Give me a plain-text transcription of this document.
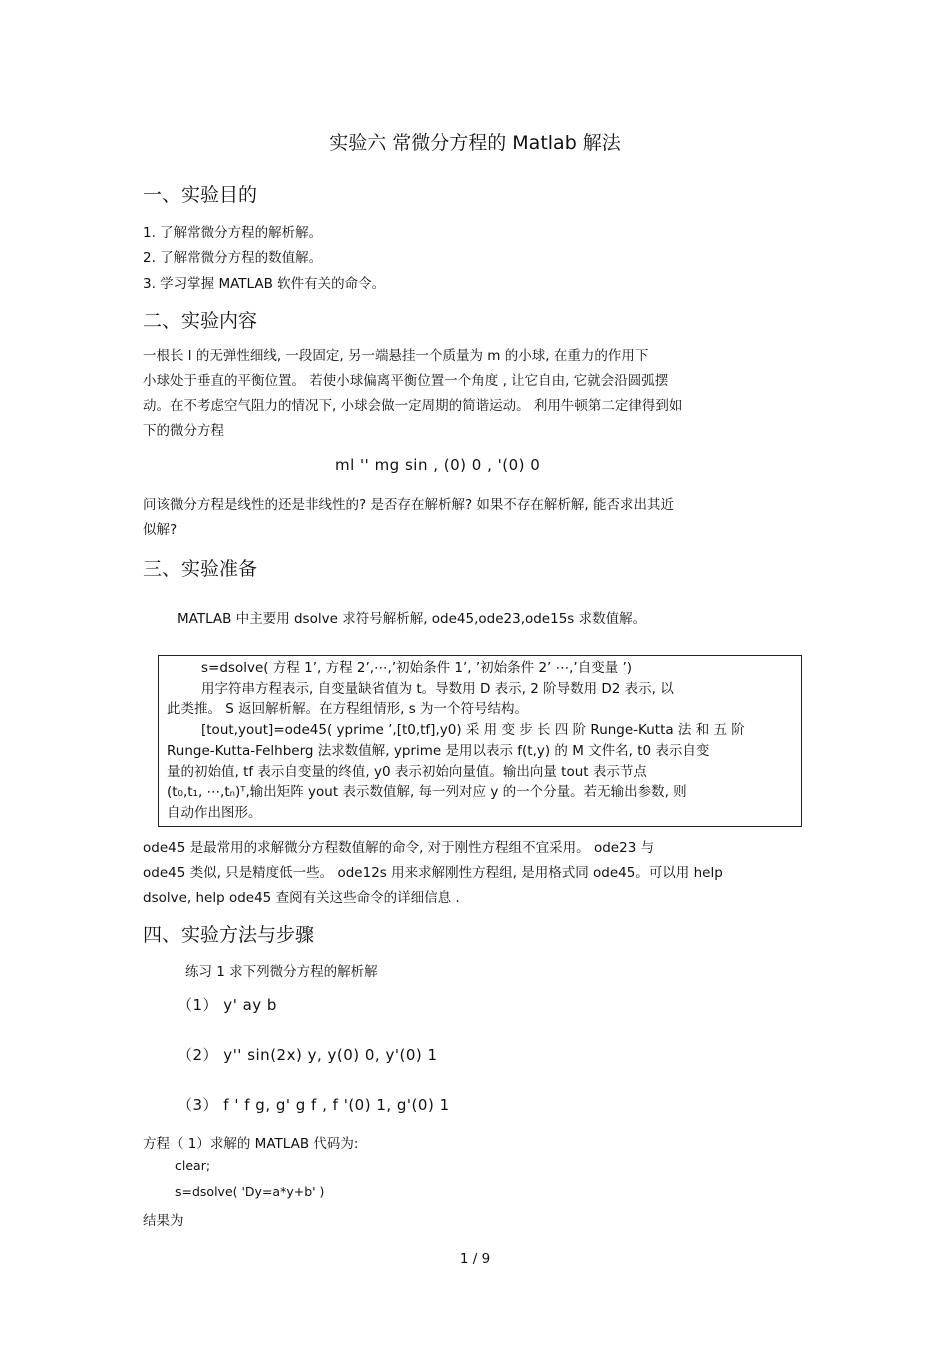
实验六 常微分方程的 Matlab 解法
一、实验目的
1. 了解常微分方程的解析解。
2. 了解常微分方程的数值解。
3. 学习掌握 MATLAB 软件有关的命令。
二、实验内容
一根长 l 的无弹性细线, 一段固定, 另一端悬挂一个质量为 m 的小球, 在重力的作用下
小球处于垂直的平衡位置。 若使小球偏离平衡位置一个角度 , 让它自由, 它就会沿圆弧摆
动。在不考虑空气阻力的情况下, 小球会做一定周期的简谐运动。 利用牛顿第二定律得到如
下的微分方程
ml '' mg sin , (0) 0 , '(0) 0
问该微分方程是线性的还是非线性的? 是否存在解析解? 如果不存在解析解, 能否求出其近
似解?
三、实验准备
MATLAB 中主要用 dsolve 求符号解析解, ode45,ode23,ode15s 求数值解。
s=dsolve( 方程 1’, 方程 2’,⋯,’初始条件 1’, ’初始条件 2’ ⋯,’自变量 ’)
用字符串方程表示, 自变量缺省值为 t。导数用 D 表示, 2 阶导数用 D2 表示, 以
此类推。 S 返回解析解。在方程组情形, s 为一个符号结构。
[tout,yout]=ode45( yprime ’,[t0,tf],y0) 采 用 变 步 长 四 阶 Runge-Kutta 法 和 五 阶
Runge-Kutta-Felhberg 法求数值解, yprime 是用以表示 f(t,y) 的 M 文件名, t0 表示自变
量的初始值, tf 表示自变量的终值, y0 表示初始向量值。输出向量 tout 表示节点
(t₀,t₁, ⋯,tₙ)ᵀ,输出矩阵 yout 表示数值解, 每一列对应 y 的一个分量。若无输出参数, 则
自动作出图形。
ode45 是最常用的求解微分方程数值解的命令, 对于刚性方程组不宜采用。 ode23 与
ode45 类似, 只是精度低一些。 ode12s 用来求解刚性方程组, 是用格式同 ode45。可以用 help
dsolve, help ode45 查阅有关这些命令的详细信息 .
四、实验方法与步骤
练习 1 求下列微分方程的解析解
（1） y' ay b
（2） y'' sin(2x) y, y(0) 0, y'(0) 1
（3） f ' f g, g' g f , f '(0) 1, g'(0) 1
方程（ 1）求解的 MATLAB 代码为:
clear;
s=dsolve( 'Dy=a*y+b' )
结果为
1 / 9
